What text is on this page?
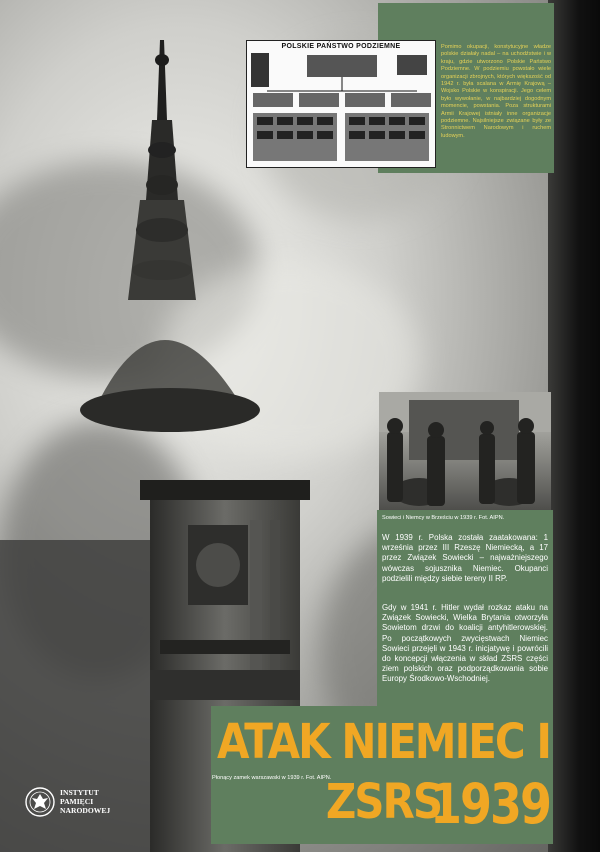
POLSKIE PAŃSTWO PODZIEMNE	Pomimo okupacji, konstytucyjne władze polskie działały nadal – na uchodźstwie i w kraju, gdzie utworzono Polskie Państwo Podziemne. W podziemiu powstało wiele organizacji zbrojnych, których większość od 1942 r. była scalana w Armię Krajową – Wojsko Polskie w konspiracji. Jego celem było wywołanie, w najbardziej dogodnym momencie, powstania. Poza strukturami Armii Krajowej istniały inne organizacje podziemne. Najsilniejsze związane były ze Stronnictwem Narodowym i ruchem ludowym.
Sowieci i Niemcy w Brześciu w 1939 r. Fot. AIPN.
W 1939 r. Polska została zaatakowana: 1 września przez III Rzeszę Niemiecką, a 17 przez Związek Sowiecki – najważniejszego wówczas sojusznika Niemiec. Okupanci podzielili między siebie tereny II RP.
Gdy w 1941 r. Hitler wydał rozkaz ataku na Związek Sowiecki, Wielka Brytania otworzyła Sowietom drzwi do koalicji antyhitlerowskiej. Po początkowych zwycięstwach Niemiec Sowieci przejęli w 1943 r. inicjatywę i powrócili do koncepcji włączenia w skład ZSRS części ziem polskich oraz podporządkowania sobie Europy Środkowo-Wschodniej.
ATAK NIEMIEC I ZSRS
1939
Płonący zamek warszawski w 1939 r. Fot. AIPN.
INSTYTUT
PAMIĘCI
NARODOWEJ
